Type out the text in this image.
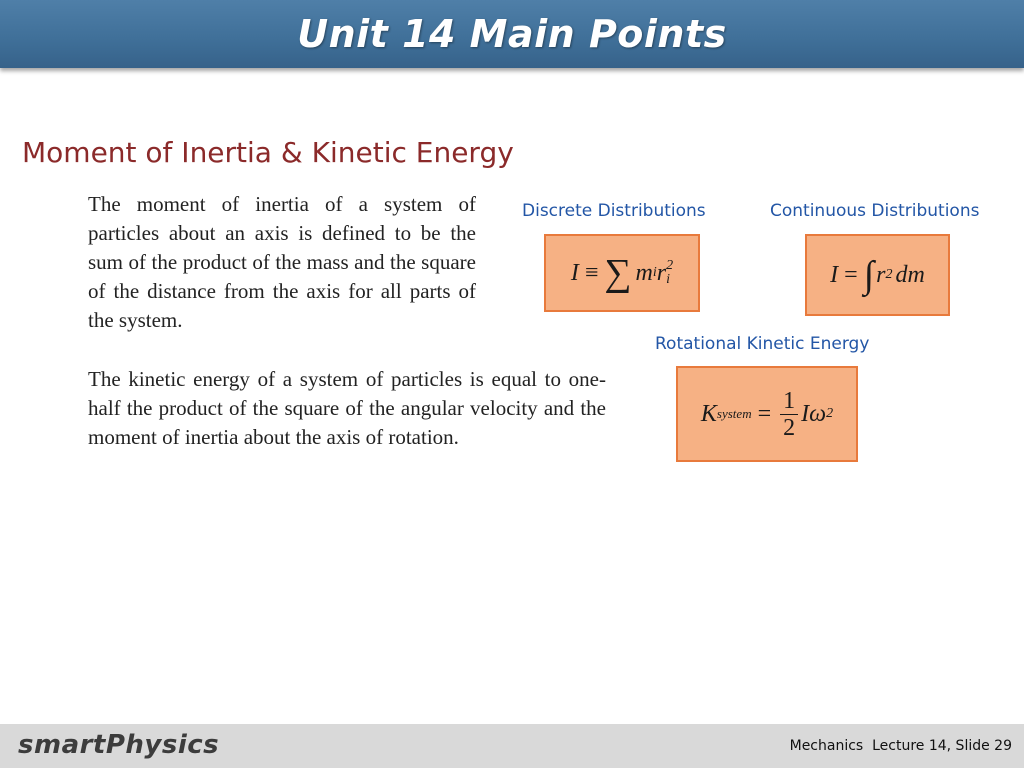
Unit 14 Main Points
Moment of Inertia & Kinetic Energy
The moment of inertia of a system of particles about an axis is defined to be the sum of the product of the mass and the square of the distance from the axis for all parts of the system.
The kinetic energy of a system of particles is equal to one-half the product of the square of the angular velocity and the moment of inertia about the axis of rotation.
Discrete Distributions
I ≡ ∑ m i r 2
i
Continuous Distributions
I = ∫ r 2 dm
Rotational Kinetic Energy
K system = $\frac{1}{2}$ Iω 2
smartPhysics	Mechanics  Lecture 14, Slide 29
